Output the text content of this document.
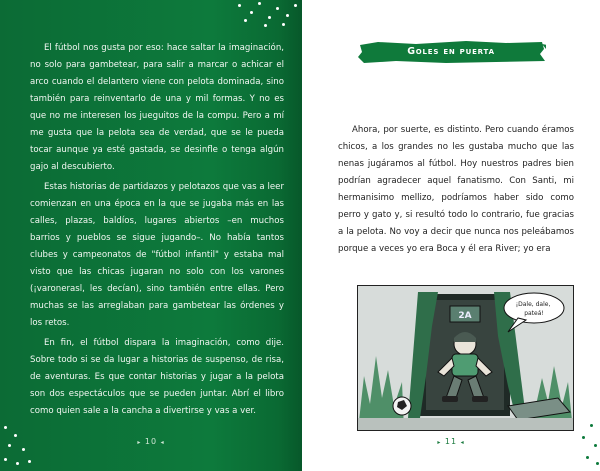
El fútbol nos gusta por eso: hace saltar la imaginación, no solo para gambetear, para salir a marcar o achicar el arco cuando el delantero viene con pelota dominada, sino también para reinventarlo de una y mil formas. Y no es que no me interesen los jueguitos de la compu. Pero a mí me gusta que la pelota sea de verdad, que se le pueda tocar aunque ya esté gastada, se desinfle o tenga algún gajo al descubierto.

Estas historias de partidazos y pelotazos que vas a leer comienzan en una época en la que se jugaba más en las calles, plazas, baldíos, lugares abiertos –en muchos barrios y pueblos se sigue jugando–. No había tantos clubes y campeonatos de "fútbol infantil" y estaba mal visto que las chicas jugaran no solo con los varones (¡varonerasl, les decían), sino también entre ellas. Pero muchas se las arreglaban para gambetear las órdenes y los retos.

En fin, el fútbol dispara la imaginación, como dije. Sobre todo si se da lugar a historias de suspenso, de risa, de aventuras. Es que contar historias y jugar a la pelota son dos espectáculos que se pueden juntar. Abrí el libro como quien sale a la cancha a divertirse y vas a ver.

▸ 10 ◂
Goles en puerta

Ahora, por suerte, es distinto. Pero cuando éramos chicos, a los grandes no les gustaba mucho que las nenas jugáramos al fútbol. Hoy nuestros padres bien podrían agradecer aquel fanatismo. Con Santi, mi hermanisimo mellizo, podríamos haber sido como perro y gato y, si resultó todo lo contrario, fue gracias a la pelota. No voy a decir que nunca nos peleábamos porque a veces yo era Boca y él era River; yo era

2A
¡Dale, dale, pateá!
▸ 11 ◂
